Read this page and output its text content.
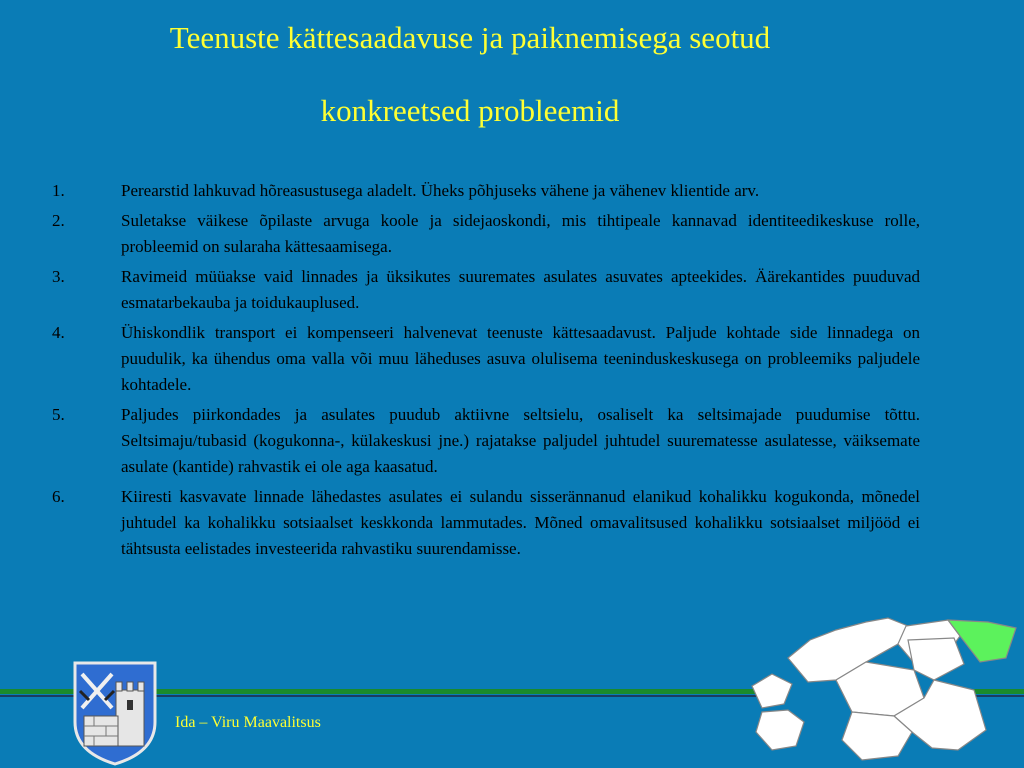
Teenuste kättesaadavuse ja paiknemisega seotud
konkreetsed probleemid
1.	Perearstid lahkuvad hõreasustusega aladelt. Üheks põhjuseks vähene ja vähenev klientide arv.
2.	Suletakse väikese õpilaste arvuga koole ja sidejaoskondi, mis tihtipeale kannavad identiteedikeskuse rolle, probleemid on sularaha kättesaamisega.
3.	Ravimeid müüakse vaid linnades ja üksikutes suuremates asulates asuvates apteekides. Äärekantides puuduvad esmatarbekauba ja toidukauplused.
4.	Ühiskondlik transport ei kompenseeri halvenevat teenuste kättesaadavust. Paljude kohtade side linnadega on puudulik, ka ühendus oma valla või muu läheduses asuva olulisema teeninduskeskusega on probleemiks paljudele kohtadele.
5.	Paljudes piirkondades ja asulates puudub aktiivne seltsielu, osaliselt ka seltsimajade puudumise tõttu. Seltsimaju/tubasid (kogukonna-, külakeskusi jne.) rajatakse paljudel juhtudel suurematesse asulatesse, väiksemate asulate (kantide) rahvastik ei ole aga kaasatud.
6.	Kiiresti kasvavate linnade lähedastes asulates ei sulandu sisserännanud elanikud kohalikku kogukonda, mõnedel juhtudel ka kohalikku sotsiaalset keskkonda lammutades. Mõned omavalitsused kohalikku sotsiaalset miljööd ei tähtsusta eelistades investeerida rahvastiku suurendamisse.
Ida – Viru Maavalitsus
